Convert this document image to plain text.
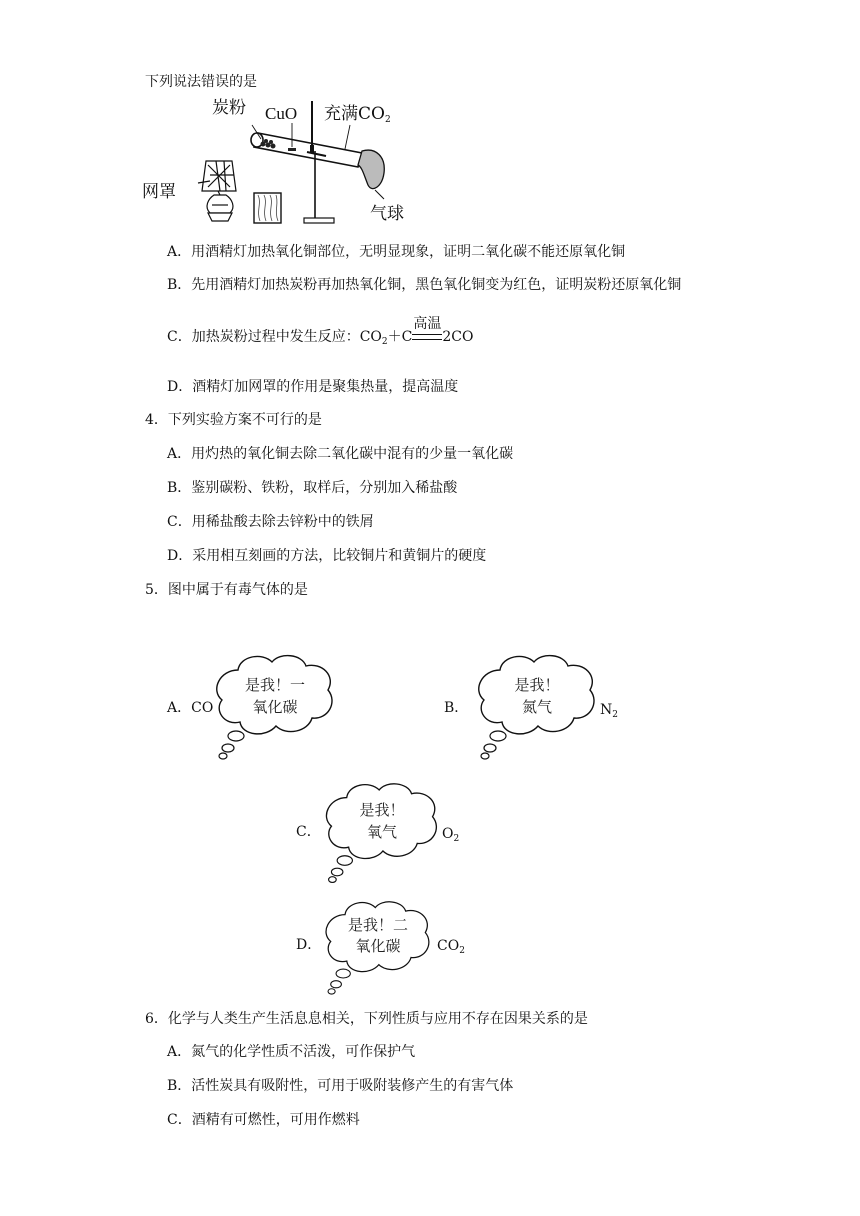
下列说法错误的是
炭粉 CuO 充满$CO_2$
网罩
气球
A．用酒精灯加热氧化铜部位，无明显现象，证明二氧化碳不能还原氧化铜
B．先用酒精灯加热炭粉再加热氧化铜，黑色氧化铜变为红色，证明炭粉还原氧化铜
C．加热炭粉过程中发生反应：$CO_2+C$
高温
2CO
D．酒精灯加网罩的作用是聚集热量，提高温度
4．下列实验方案不可行的是
A．用灼热的氧化铜去除二氧化碳中混有的少量一氧化碳
B．鉴别碳粉、铁粉，取样后，分别加入稀盐酸
C．用稀盐酸去除去锌粉中的铁屑
D．采用相互刻画的方法，比较铜片和黄铜片的硬度
5．图中属于有毒气体的是
A．CO
是我！一
氧化碳	B．
是我！
氮气	$N_2$
C．
是我！
氧气	$O_2$
D．
是我！二
氧化碳	$CO_2$
6．化学与人类生产生活息息相关，下列性质与应用不存在因果关系的是
A．氮气的化学性质不活泼，可作保护气
B．活性炭具有吸附性，可用于吸附装修产生的有害气体
C．酒精有可燃性，可用作燃料
